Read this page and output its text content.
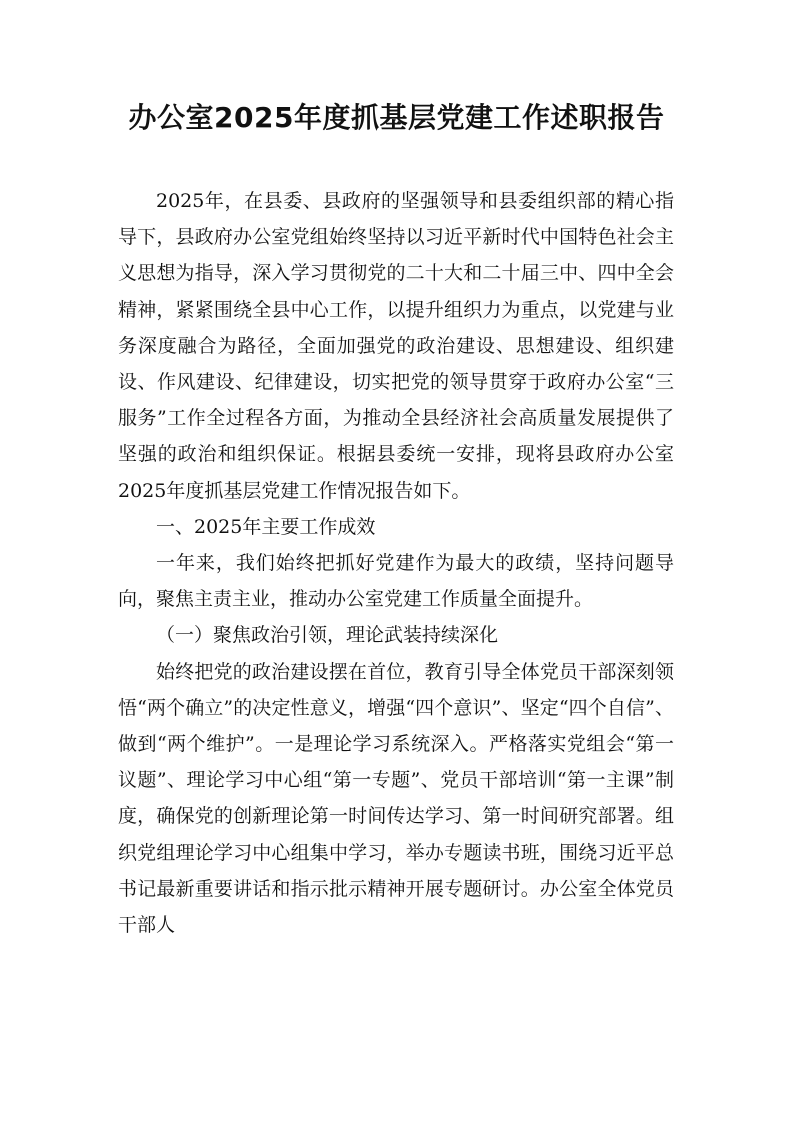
办公室2025年度抓基层党建工作述职报告

2025年，在县委、县政府的坚强领导和县委组织部的精心指导下，县政府办公室党组始终坚持以习近平新时代中国特色社会主义思想为指导，深入学习贯彻党的二十大和二十届三中、四中全会精神，紧紧围绕全县中心工作，以提升组织力为重点，以党建与业务深度融合为路径，全面加强党的政治建设、思想建设、组织建设、作风建设、纪律建设，切实把党的领导贯穿于政府办公室“三服务”工作全过程各方面，为推动全县经济社会高质量发展提供了坚强的政治和组织保证。根据县委统一安排，现将县政府办公室2025年度抓基层党建工作情况报告如下。

一、2025年主要工作成效

一年来，我们始终把抓好党建作为最大的政绩，坚持问题导向，聚焦主责主业，推动办公室党建工作质量全面提升。

（一）聚焦政治引领，理论武装持续深化

始终把党的政治建设摆在首位，教育引导全体党员干部深刻领悟“两个确立”的决定性意义，增强“四个意识”、坚定“四个自信”、做到“两个维护”。一是理论学习系统深入。严格落实党组会“第一议题”、理论学习中心组“第一专题”、党员干部培训“第一主课”制度，确保党的创新理论第一时间传达学习、第一时间研究部署。组织党组理论学习中心组集中学习，举办专题读书班，围绕习近平总书记最新重要讲话和指示批示精神开展专题研讨。办公室全体党员干部人
